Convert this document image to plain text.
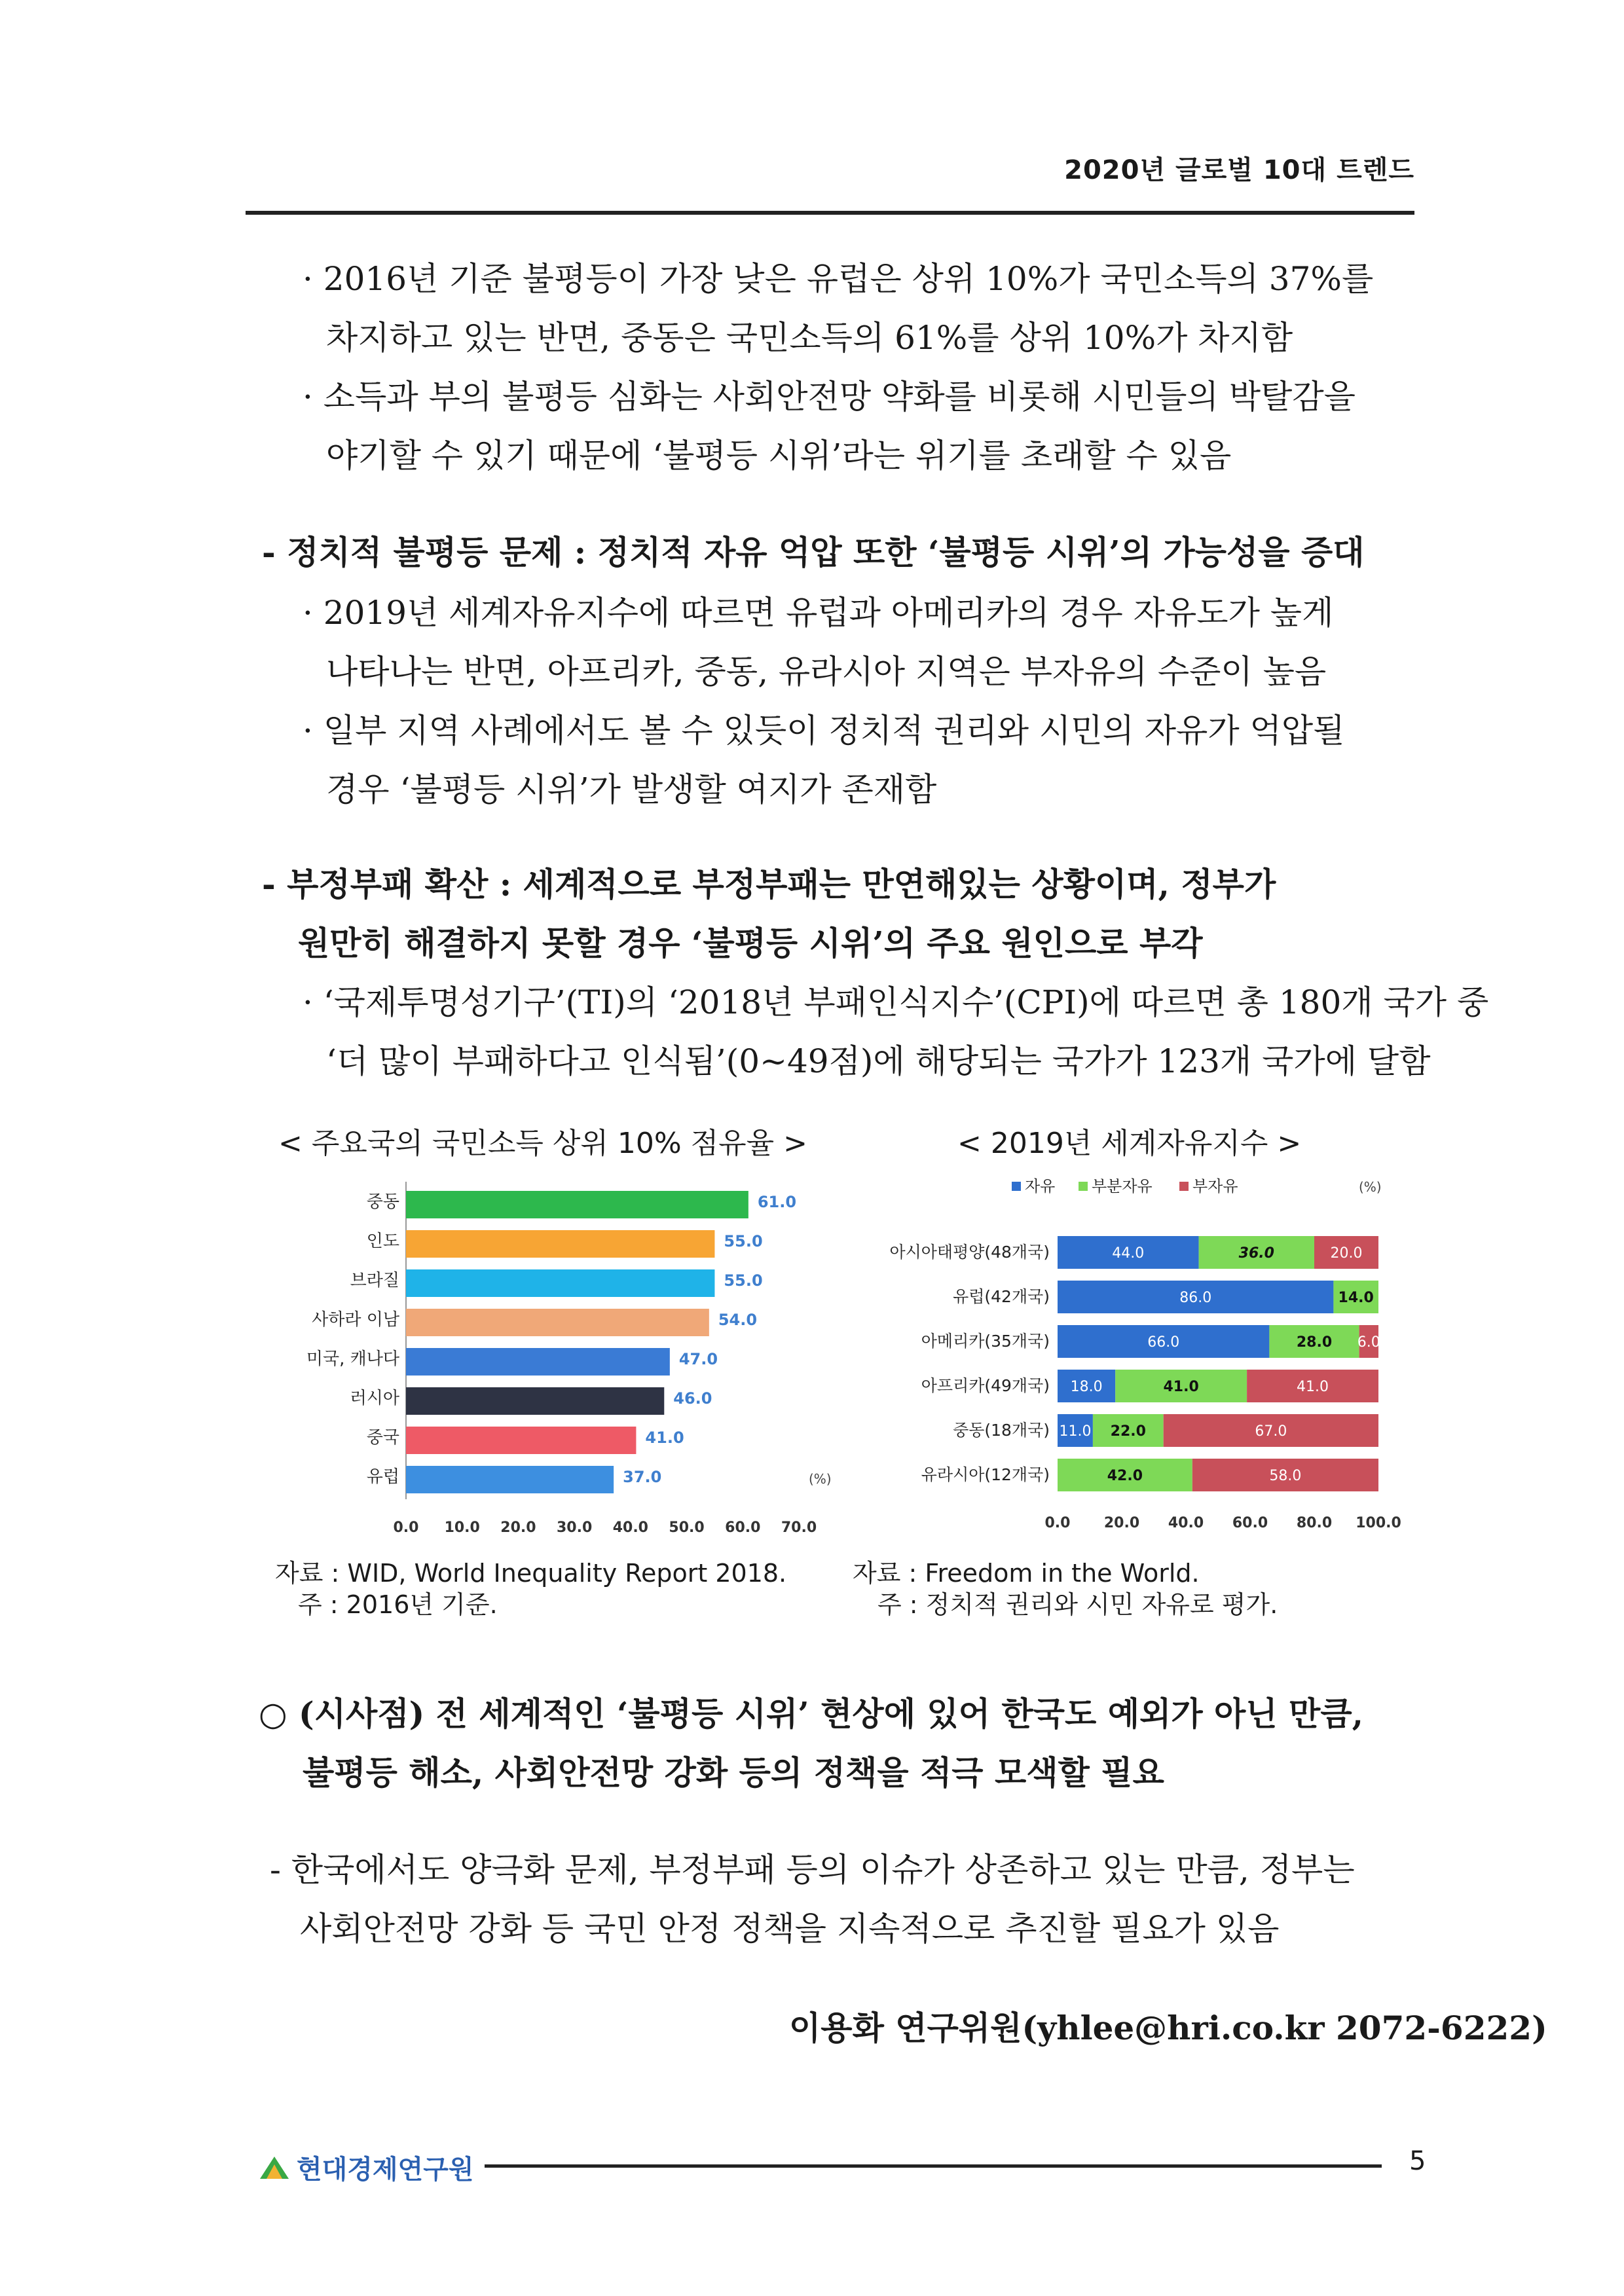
2020년 글로벌 10대 트렌드
· 2016년 기준 불평등이 가장 낮은 유럽은 상위 10%가 국민소득의 37%를
차지하고 있는 반면, 중동은 국민소득의 61%를 상위 10%가 차지함
· 소득과 부의 불평등 심화는 사회안전망 약화를 비롯해 시민들의 박탈감을
야기할 수 있기 때문에 ‘불평등 시위’라는 위기를 초래할 수 있음
- 정치적 불평등 문제 : 정치적 자유 억압 또한 ‘불평등 시위’의 가능성을 증대
· 2019년 세계자유지수에 따르면 유럽과 아메리카의 경우 자유도가 높게
나타나는 반면, 아프리카, 중동, 유라시아 지역은 부자유의 수준이 높음
· 일부 지역 사례에서도 볼 수 있듯이 정치적 권리와 시민의 자유가 억압될
경우 ‘불평등 시위’가 발생할 여지가 존재함
- 부정부패 확산 : 세계적으로 부정부패는 만연해있는 상황이며, 정부가
원만히 해결하지 못할 경우 ‘불평등 시위’의 주요 원인으로 부각
· ‘국제투명성기구’(TI)의 ‘2018년 부패인식지수’(CPI)에 따르면 총 180개 국가 중
‘더 많이 부패하다고 인식됨’(0~49점)에 해당되는 국가가 123개 국가에 달함
< 주요국의 국민소득 상위 10% 점유율 >	< 2019년 세계자유지수 >
중동	61.0
인도	55.0
브라질	55.0
사하라 이남	54.0
미국, 캐나다	47.0
러시아	46.0
중국	41.0
유럽	37.0	(%)
0.0 10.0 20.0 30.0 40.0 50.0 60.0 70.0
자유 부분자유	부자유	(%)
아시아태평양(48개국)	44.0	36.0	20.0
유럽(42개국)	86.0	14.0
아메리카(35개국)	66.0	28.0 6.0
아프리카(49개국) 18.0	41.0	41.0
중동(18개국) 11.0 22.0	67.0
유라시아(12개국)	42.0	58.0
0.0 20.0 40.0 60.0 80.0 100.0
자료 : WID, World Inequality Report 2018.
주 : 2016년 기준.
자료 : Freedom in the World.
주 : 정치적 권리와 시민 자유로 평가.
○ (시사점) 전 세계적인 ‘불평등 시위’ 현상에 있어 한국도 예외가 아닌 만큼,
불평등 해소, 사회안전망 강화 등의 정책을 적극 모색할 필요
- 한국에서도 양극화 문제, 부정부패 등의 이슈가 상존하고 있는 만큼, 정부는
사회안전망 강화 등 국민 안정 정책을 지속적으로 추진할 필요가 있음
이용화 연구위원(yhlee@hri.co.kr 2072-6222)
현대경제연구원	5
